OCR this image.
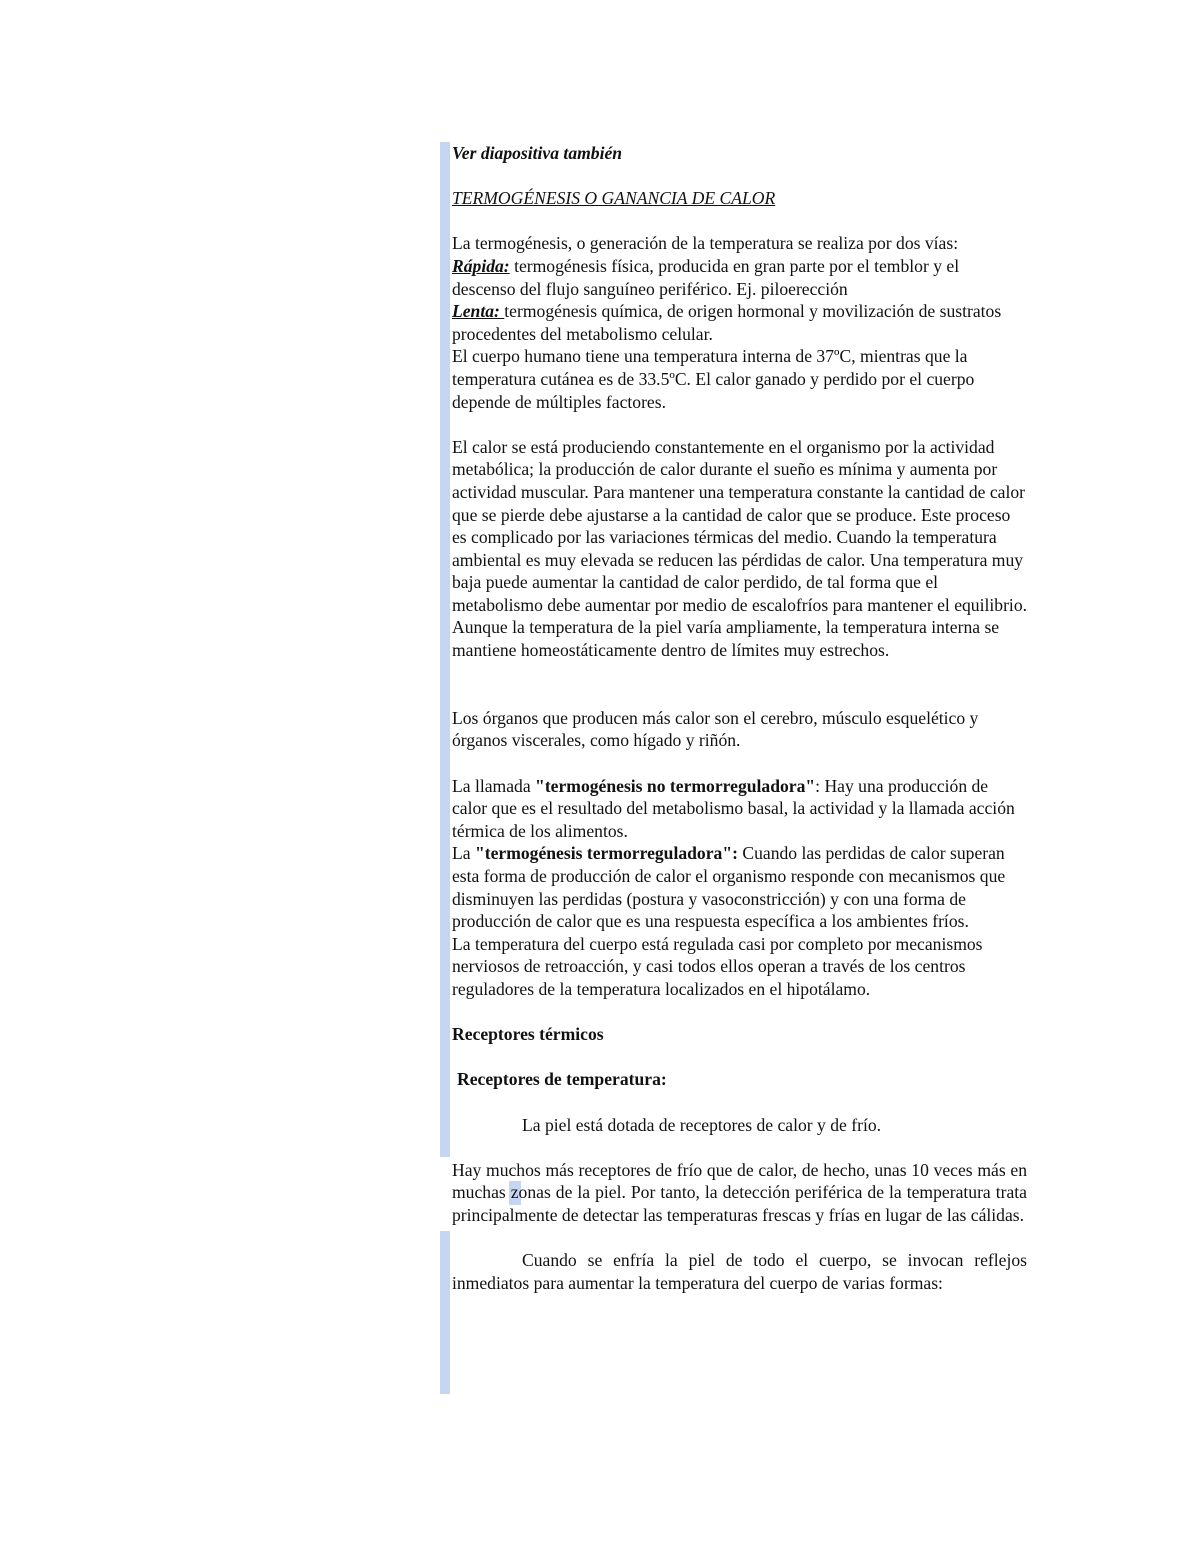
Ver diapositiva también

TERMOGÉNESIS O GANANCIA DE CALOR

La termogénesis, o generación de la temperatura se realiza por dos vías:

Rápida: termogénesis física, producida en gran parte por el temblor y el descenso del flujo sanguíneo periférico. Ej. piloerección

Lenta: termogénesis química, de origen hormonal y movilización de sustratos procedentes del metabolismo celular.

El cuerpo humano tiene una temperatura interna de 37ºC, mientras que la temperatura cutánea es de 33.5ºC. El calor ganado y perdido por el cuerpo depende de múltiples factores.

El calor se está produciendo constantemente en el organismo por la actividad metabólica; la producción de calor durante el sueño es mínima y aumenta por actividad muscular. Para mantener una temperatura constante la cantidad de calor que se pierde debe ajustarse a la cantidad de calor que se produce. Este proceso es complicado por las variaciones térmicas del medio. Cuando la temperatura ambiental es muy elevada se reducen las pérdidas de calor. Una temperatura muy baja puede aumentar la cantidad de calor perdido, de tal forma que el metabolismo debe aumentar por medio de escalofríos para mantener el equilibrio. Aunque la temperatura de la piel varía ampliamente, la temperatura interna se mantiene homeostáticamente dentro de límites muy estrechos.

Los órganos que producen más calor son el cerebro, músculo esquelético y órganos viscerales, como hígado y riñón.

La llamada "termogénesis no termorreguladora": Hay una producción de calor que es el resultado del metabolismo basal, la actividad y la llamada acción térmica de los alimentos.

La "termogénesis termorreguladora": Cuando las perdidas de calor superan esta forma de producción de calor el organismo responde con mecanismos que disminuyen las perdidas (postura y vasoconstricción) y con una forma de producción de calor que es una respuesta específica a los ambientes fríos.

La temperatura del cuerpo está regulada casi por completo por mecanismos nerviosos de retroacción, y casi todos ellos operan a través de los centros reguladores de la temperatura localizados en el hipotálamo.

Receptores térmicos

Receptores de temperatura:

La piel está dotada de receptores de calor y de frío.

Hay muchos más receptores de frío que de calor, de hecho, unas 10 veces más en muchas zonas de la piel. Por tanto, la detección periférica de la temperatura trata principalmente de detectar las temperaturas frescas y frías en lugar de las cálidas.

Cuando se enfría la piel de todo el cuerpo, se invocan reflejos inmediatos para aumentar la temperatura del cuerpo de varias formas:
